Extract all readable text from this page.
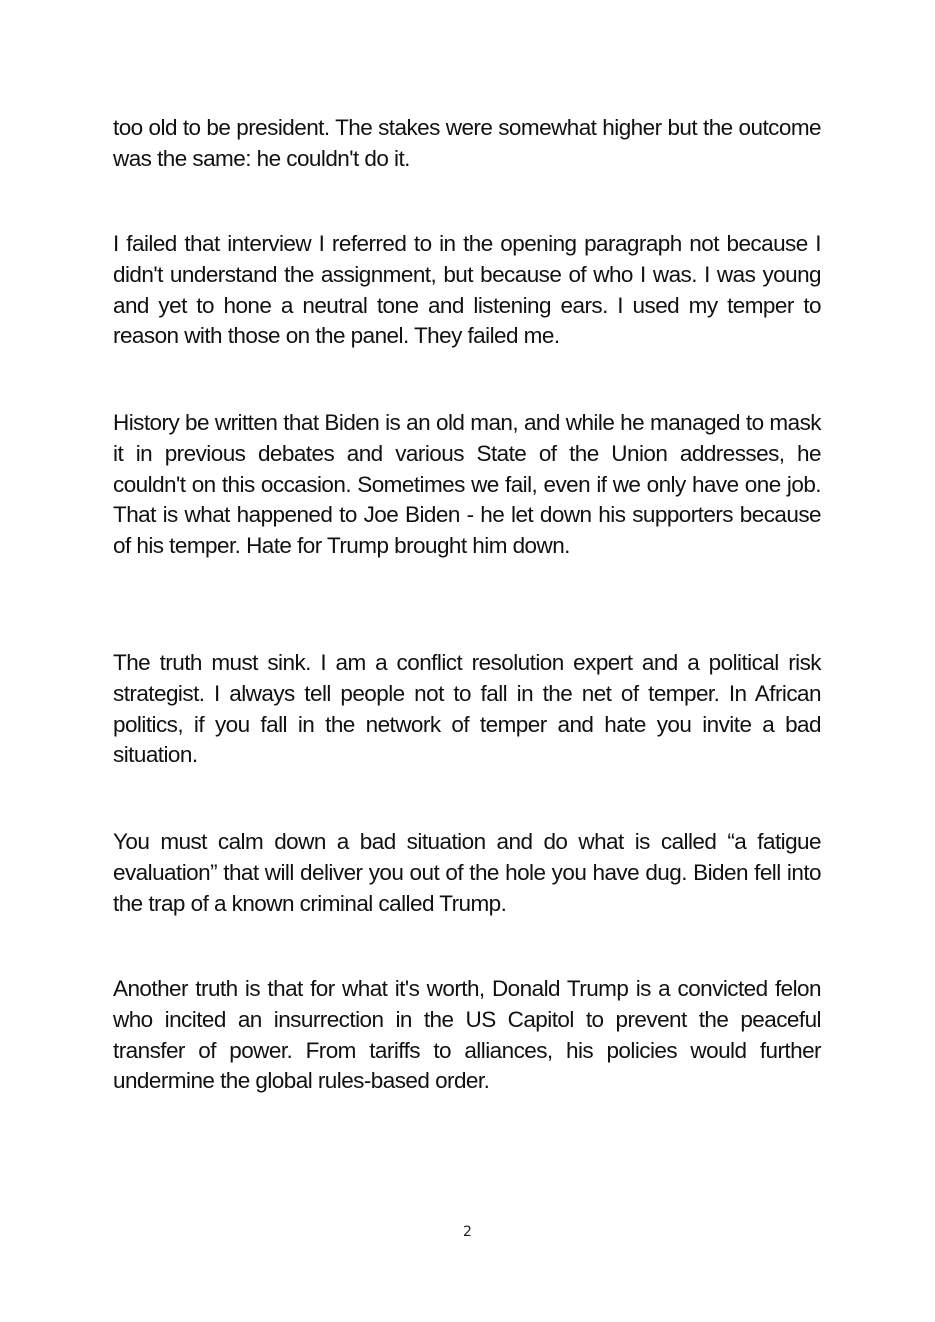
too old to be president. The stakes were somewhat higher but the outcome was the same: he couldn't do it.

I failed that interview I referred to in the opening paragraph not because I didn't understand the assignment, but because of who I was. I was young and yet to hone a neutral tone and listening ears. I used my temper to reason with those on the panel. They failed me.

History be written that Biden is an old man, and while he managed to mask it in previous debates and various State of the Union addresses, he couldn't on this occasion. Sometimes we fail, even if we only have one job. That is what happened to Joe Biden - he let down his supporters because of his temper. Hate for Trump brought him down.

The truth must sink. I am a conflict resolution expert and a political risk strategist. I always tell people not to fall in the net of temper. In African politics, if you fall in the network of temper and hate you invite a bad situation.

You must calm down a bad situation and do what is called “a fatigue evaluation” that will deliver you out of the hole you have dug. Biden fell into the trap of a known criminal called Trump.

Another truth is that for what it's worth, Donald Trump is a convicted felon who incited an insurrection in the US Capitol to prevent the peaceful transfer of power. From tariffs to alliances, his policies would further undermine the global rules-based order.

2
